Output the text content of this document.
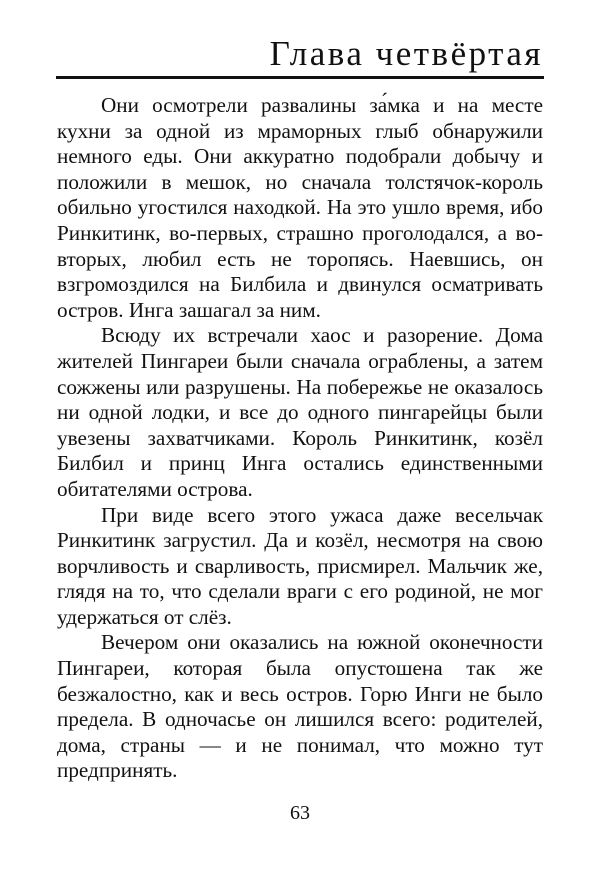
Глава четвёртая

Они осмотрели развалины за́мка и на месте кухни за одной из мраморных глыб обнаружили немного еды. Они аккуратно подобрали добычу и положили в мешок, но сначала толстячок-король обильно угостился находкой. На это ушло время, ибо Ринкитинк, во-первых, страшно проголодался, а во-вторых, любил есть не торопясь. Наевшись, он взгромоздился на Билбила и двинулся осматривать остров. Инга зашагал за ним.

Всюду их встречали хаос и разорение. Дома жителей Пингареи были сначала ограблены, а затем сожжены или разрушены. На побережье не оказалось ни одной лодки, и все до одного пингарейцы были увезены захватчиками. Король Ринкитинк, козёл Билбил и принц Инга остались единственными обитателями острова.

При виде всего этого ужаса даже весельчак Ринкитинк загрустил. Да и козёл, несмотря на свою ворчливость и сварливость, присмирел. Мальчик же, глядя на то, что сделали враги с его родиной, не мог удержаться от слёз.

Вечером они оказались на южной оконечности Пингареи, которая была опустошена так же безжалостно, как и весь остров. Горю Инги не было предела. В одночасье он лишился всего: родителей, дома, страны — и не понимал, что можно тут предпринять.

63
